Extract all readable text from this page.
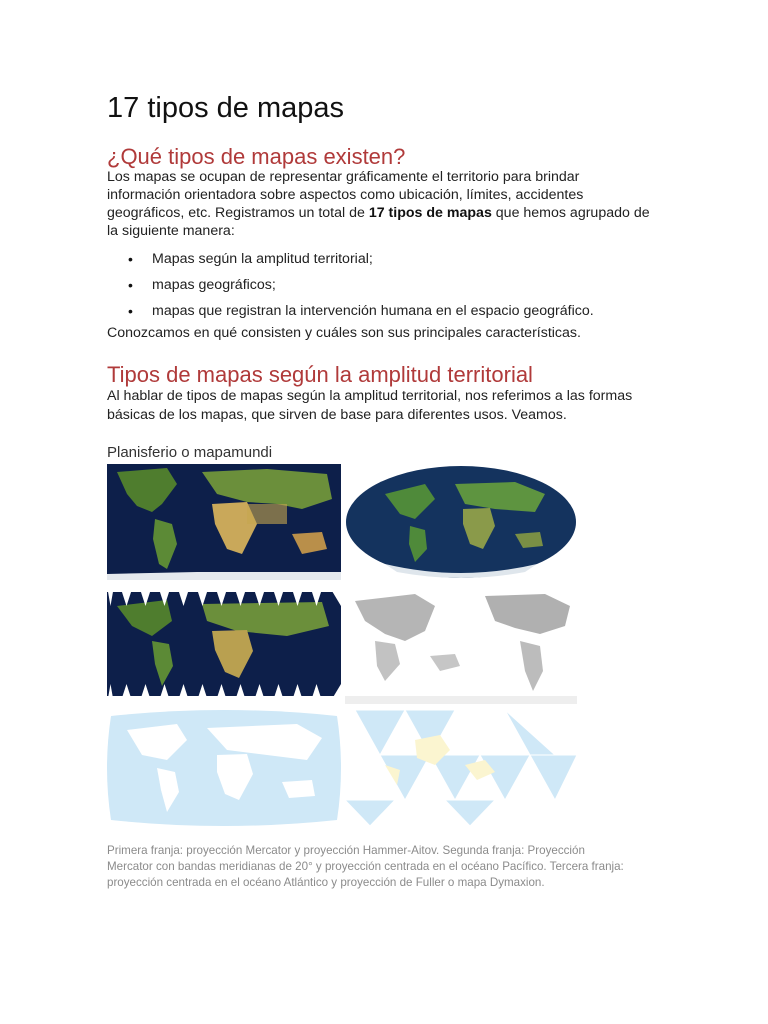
17 tipos de mapas
¿Qué tipos de mapas existen?

Los mapas se ocupan de representar gráficamente el territorio para brindar información orientadora sobre aspectos como ubicación, límites, accidentes geográficos, etc. Registramos un total de 17 tipos de mapas que hemos agrupado de la siguiente manera:

• Mapas según la amplitud territorial;
• mapas geográficos;
• mapas que registran la intervención humana en el espacio geográfico.

Conozcamos en qué consisten y cuáles son sus principales características.

Tipos de mapas según la amplitud territorial

Al hablar de tipos de mapas según la amplitud territorial, nos referimos a las formas básicas de los mapas, que sirven de base para diferentes usos. Veamos.

Planisferio o mapamundi

Primera franja: proyección Mercator y proyección Hammer-Aitov. Segunda franja: Proyección Mercator con bandas meridianas de 20° y proyección centrada en el océano Pacífico. Tercera franja: proyección centrada en el océano Atlántico y proyección de Fuller o mapa Dymaxion.
